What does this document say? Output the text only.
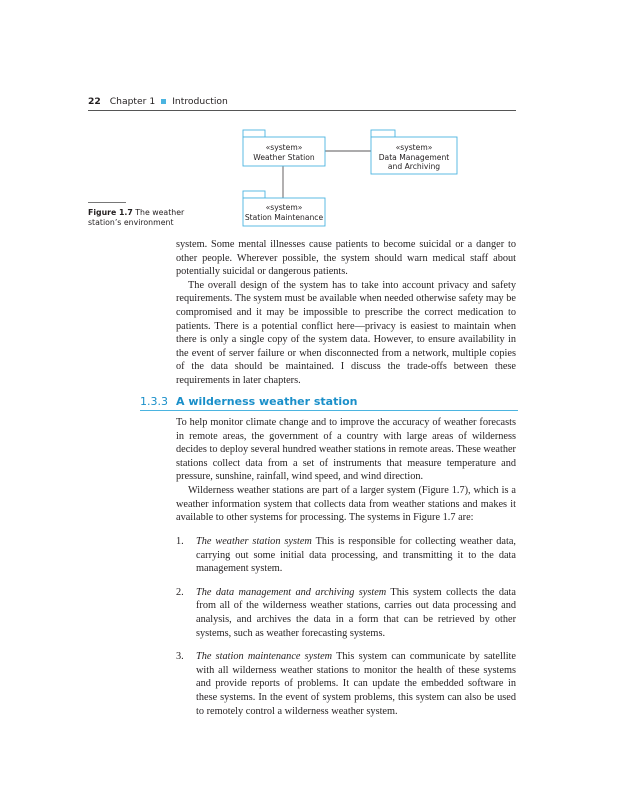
22 Chapter 1 Introduction
«system»
Weather Station
«system»
Data Management
and Archiving
«system»
Station Maintenance
Figure 1.7 The weather
station’s environment

system. Some mental illnesses cause patients to become suicidal or a danger to other people. Wherever possible, the system should warn medical staff about potentially suicidal or dangerous patients.

The overall design of the system has to take into account privacy and safety requirements. The system must be available when needed otherwise safety may be compromised and it may be impossible to prescribe the correct medication to patients. There is a potential conflict here—privacy is easiest to maintain when there is only a single copy of the system data. However, to ensure availability in the event of server failure or when disconnected from a network, multiple copies of the data should be maintained. I discuss the trade-offs between these requirements in later chapters.

1.3.3 A wilderness weather station

To help monitor climate change and to improve the accuracy of weather forecasts in remote areas, the government of a country with large areas of wilderness decides to deploy several hundred weather stations in remote areas. These weather stations collect data from a set of instruments that measure temperature and pressure, sunshine, rainfall, wind speed, and wind direction.

Wilderness weather stations are part of a larger system (Figure 1.7), which is a weather information system that collects data from weather stations and makes it available to other systems for processing. The systems in Figure 1.7 are:

1. The weather station system This is responsible for collecting weather data, carrying out some initial data processing, and transmitting it to the data management system.
2. The data management and archiving system This system collects the data from all of the wilderness weather stations, carries out data processing and analysis, and archives the data in a form that can be retrieved by other systems, such as weather forecasting systems.
3. The station maintenance system This system can communicate by satellite with all wilderness weather stations to monitor the health of these systems and provide reports of problems. It can update the embedded software in these systems. In the event of system problems, this system can also be used to remotely control a wilderness weather system.
